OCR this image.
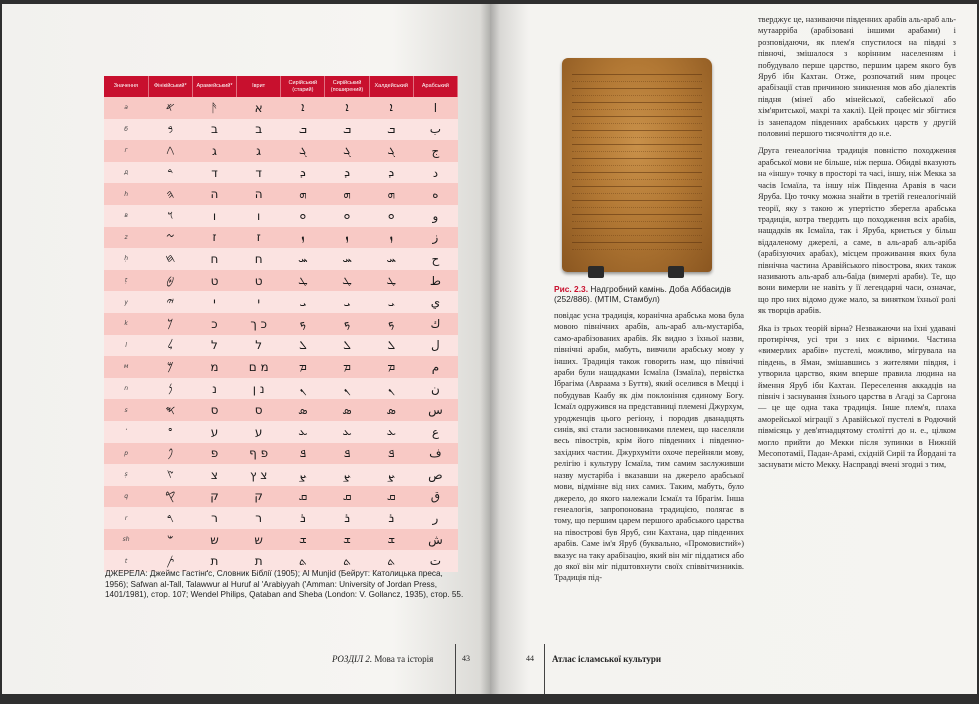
Значення	Фінікійський*	Арамейський*	Іврит	Сирійський (старий)	Сирійський (поширений)	Халдейський	Арабський
а	𐤀	ᚫ	א	ܐ	ܐ	ܐ	ا
б	𐤁	ב	ב	ܒ	ܒ	ܒ	ب
г	𐤂	ג	ג	ܓ	ܓ	ܓ	ج
д	𐤃	ד	ד	ܕ	ܕ	ܕ	د
h	𐤄	ה	ה	ܗ	ܗ	ܗ	ه
в	𐤅	ו	ו	ܘ	ܘ	ܘ	و
z	𐤆	ז	ז	ܙ	ܙ	ܙ	ز
ḥ	𐤇	ח	ח	ܚ	ܚ	ܚ	ح
ṭ	𐤈	ט	ט	ܛ	ܛ	ܛ	ط
y	𐤉	י	י	ܝ	ܝ	ܝ	ي
k	𐤊	כ	כ ך	ܟ	ܟ	ܟ	ك
l	𐤋	ל	ל	ܠ	ܠ	ܠ	ل
м	𐤌	מ	מ ם	ܡ	ܡ	ܡ	م
n	𐤍	נ	נ ן	ܢ	ܢ	ܢ	ن
s	𐤎	ס	ס	ܣ	ܣ	ܣ	س
ʻ	𐤏	ע	ע	ܥ	ܥ	ܥ	ع
p	𐤐	פ	פ ף	ܦ	ܦ	ܦ	ف
ṣ	𐤑	צ	צ ץ	ܨ	ܨ	ܨ	ص
q	𐤒	ק	ק	ܩ	ܩ	ܩ	ق
r	𐤓	ר	ר	ܪ	ܪ	ܪ	ر
sh	𐤔	ש	ש	ܫ	ܫ	ܫ	ش
t	𐤕	ת	ת	ܬ	ܬ	ܬ	ت
ДЖЕРЕЛА: Джеймс Гастінґс, Словник Біблії (1905); Al Munjid (Бейрут: Католицька преса, 1956); Safwan al-Tall, Talawwur al Huruf al 'Arabiyyah ('Amman: University of Jordan Press, 1401/1981), стор. 107; Wendel Philips, Qataban and Sheba (London: V. Gollancz, 1935), стор. 55.
РОЗДІЛ 2. Мова та історія	43
Рис. 2.3. Надгробний камінь. Доба Аббасидів (252/886). (МТІМ, Стамбул)

повідає усна традиція, корaнічна арабська мова була мовою північних арабів, аль-араб аль-мустаріба, само-арабізованих арабів. Як видно з їхньої назви, північні араби, мабуть, вивчили арабську мову у інших. Традиція також говорить нам, що північні араби були нащадками Ісмаїла (Ізмаїла), первістка Ібрагіма (Авраама з Буття), який оселився в Мецці і побудував Каабу як дім поклоніння єдиному Богу. Ісмаїл одружився на представниці племені Джурхум, уродженців цього регіону, і породив дванадцять синів, які стали засновниками племен, що населяли весь півострів, крім його південних і південно-західних частин. Джурхуміти охоче перейняли мову, релігію і культуру Ісмаїла, тим самим заслуживши назву мустаріба і вказавши на джерело арабської мови, відмінне від них самих. Таким, мабуть, було джерело, до якого належали Ісмаїл та Ібрагім. Інша генеалогія, запропонована традицією, полягає в тому, що першим царем першого арабського царства на півострові був Яруб, син Кахтана, цар південних арабів. Саме ім'я Яруб (буквально, «Промовистий») вказує на таку арабізацію, який він міг піддатися або до якої він міг підштовхнути своїх співвітчизників. Традиція під-

тверджує це, називаючи південних арабів аль-араб аль-мутаарріба (арабізовані іншими арабами) і розповідаючи, як плем'я спустилося на півдні з півночі, змішалося з корінним населенням і побудувало перше царство, першим царем якого був Яруб ібн Кахтан. Отже, розпочатий ним процес арабізації став причиною зникнення мов або діалектів півдня (мінеї або мінейської, сабейської або хім'яритської, махрі та хаклі). Цей процес міг збігтися із занепадом південних арабських царств у другій половині першого тисячоліття до н.е.

Друга генеалогічна традиція повністю походження арабської мови не більше, ніж перша. Обидві вказують на «іншу» точку в просторі та часі, іншу, ніж Мекка за часів Ісмаїла, та іншу ніж Південна Аравія в часи Яруба. Цю точку можна знайти в третій генеалогічній теорії, яку з такою ж упертістю зберегла арабська традиція, котра твердить що походження всіх арабів, нащадків як Ісмаїла, так і Яруба, криється у більш віддаленому джерелі, а саме, в аль-араб аль-аріба (арабізуючих арабах), місцем проживання яких була північна частина Аравійського півострова, яких також називають аль-араб аль-баїда (вимерлі араби). Те, що вони вимерли не навіть у її легендарні часи, означає, що про них відомо дуже мало, за винятком їхньої ролі як творців арабів.

Яка із трьох теорій вірна? Незважаючи на їхні удавані протиріччя, усі три з них є вірними. Частина «вимерлих арабів» пустелі, можливо, мігрувала на південь, в Ямaн, змішавшись з жителями півдня, і утворила царство, яким вперше правила людина на ймення Яруб ібн Кахтан. Переселення аккадців на північ і заснування їхнього царства в Агаді за Саргона — це ще одна така традиція. Інше плем'я, плаха аморейської міграції з Аравійської пустелі в Родючий півмісяць у дев'ятнадцятому столітті до н. е., цілком могло прийти до Мекки після зупинки в Нижній Месопотамії, Падан-Арамі, східній Сирії та Йордані та заснувати місто Мекку. Насправді вчені згодні з тим,

44 Атлас ісламської культури
